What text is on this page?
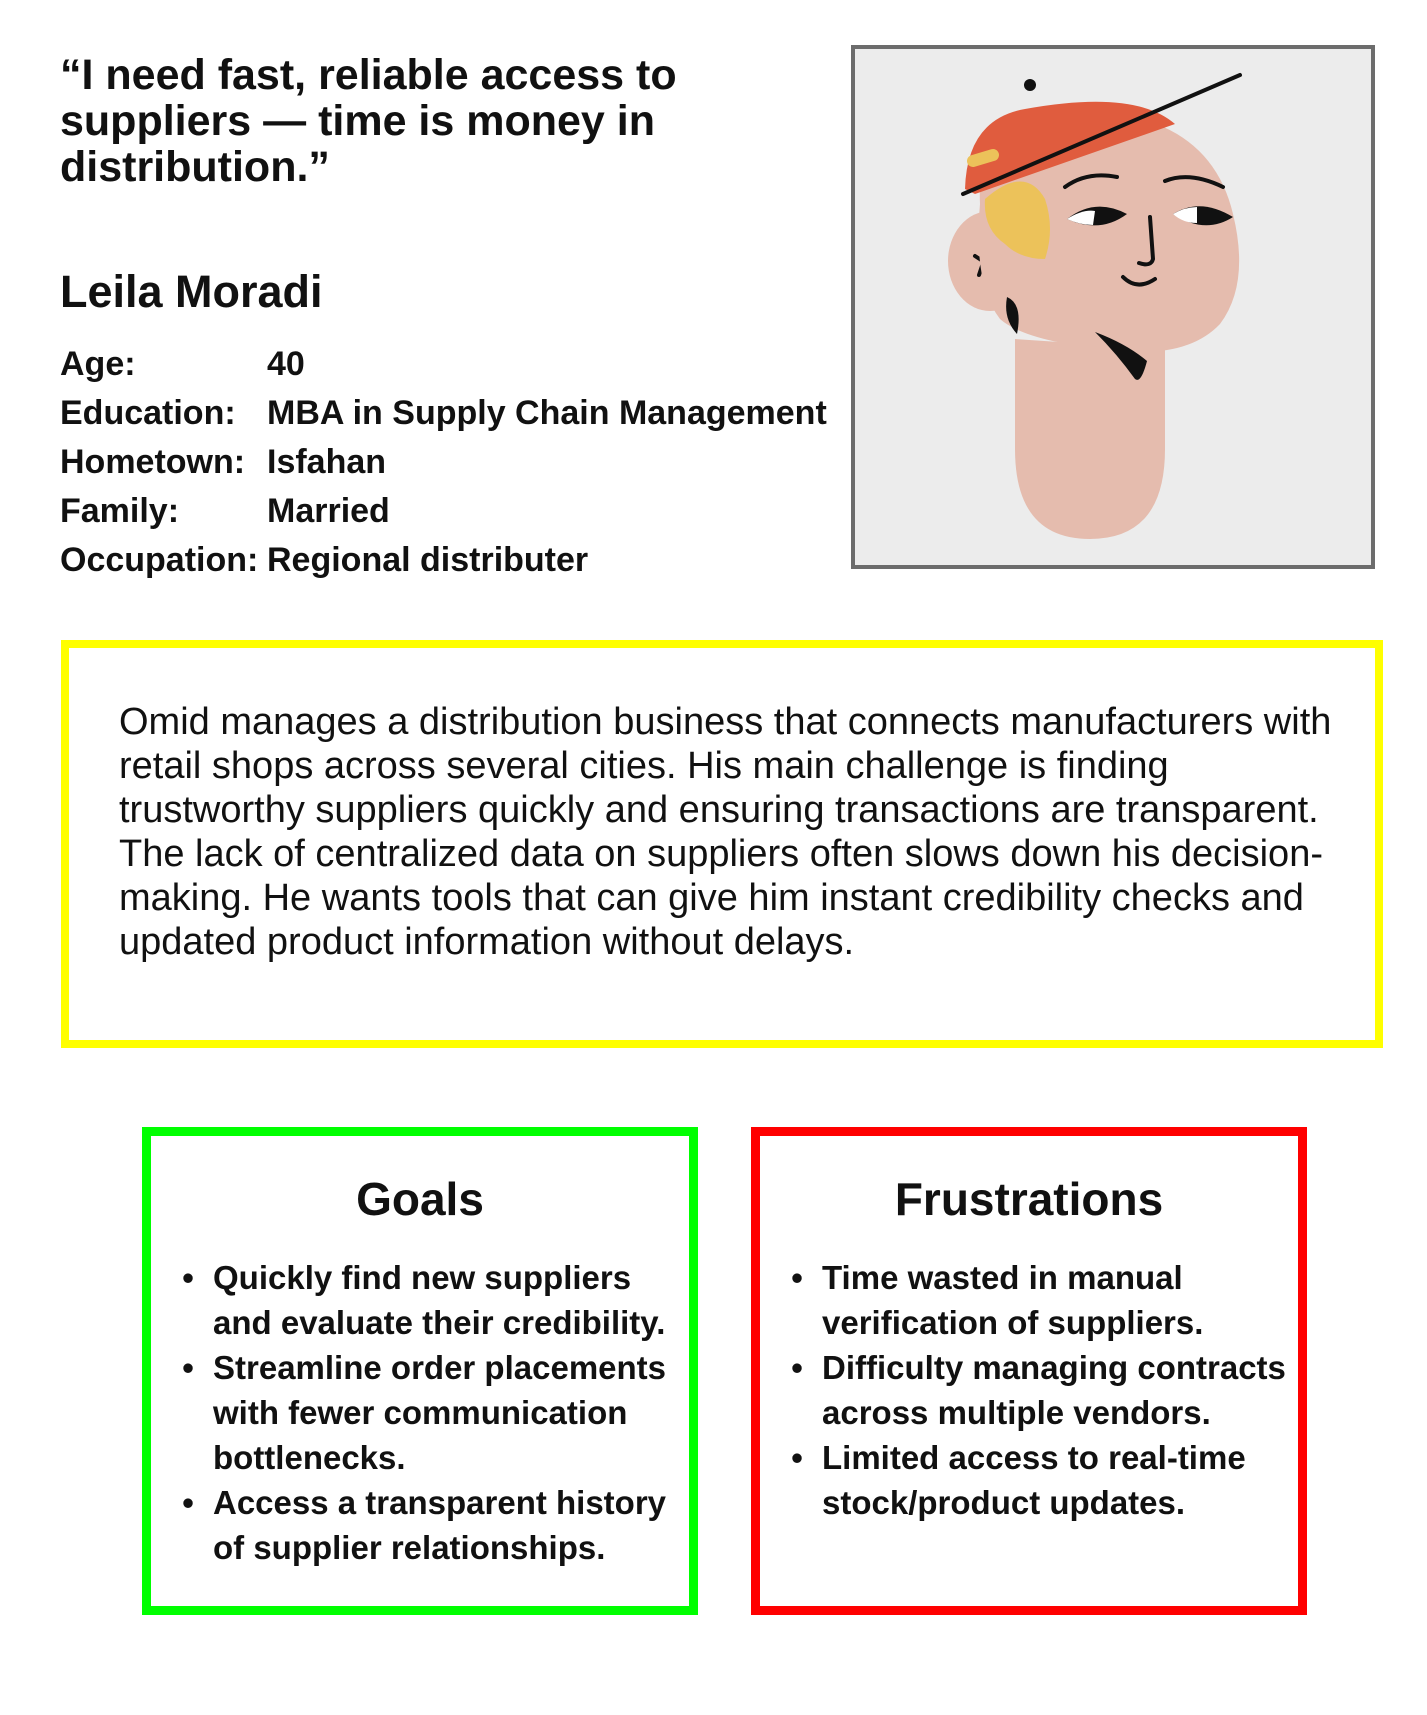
“I need fast, reliable access to suppliers — time is money in distribution.”
Leila Moradi
Age:	40
Education: MBA in Supply Chain Management
Hometown: Isfahan
Family:	Married
Occupation: Regional distributer

Omid manages a distribution business that connects manufacturers with retail shops across several cities. His main challenge is finding trustworthy suppliers quickly and ensuring transactions are transparent. The lack of centralized data on suppliers often slows down his decision-making. He wants tools that can give him instant credibility checks and updated product information without delays.

Goals
• Quickly find new suppliers and evaluate their credibility.
• Streamline order placements with fewer communication bottlenecks.
• Access a transparent history of supplier relationships.
Frustrations
• Time wasted in manual verification of suppliers.
• Difficulty managing contracts across multiple vendors.
• Limited access to real-time stock/product updates.
